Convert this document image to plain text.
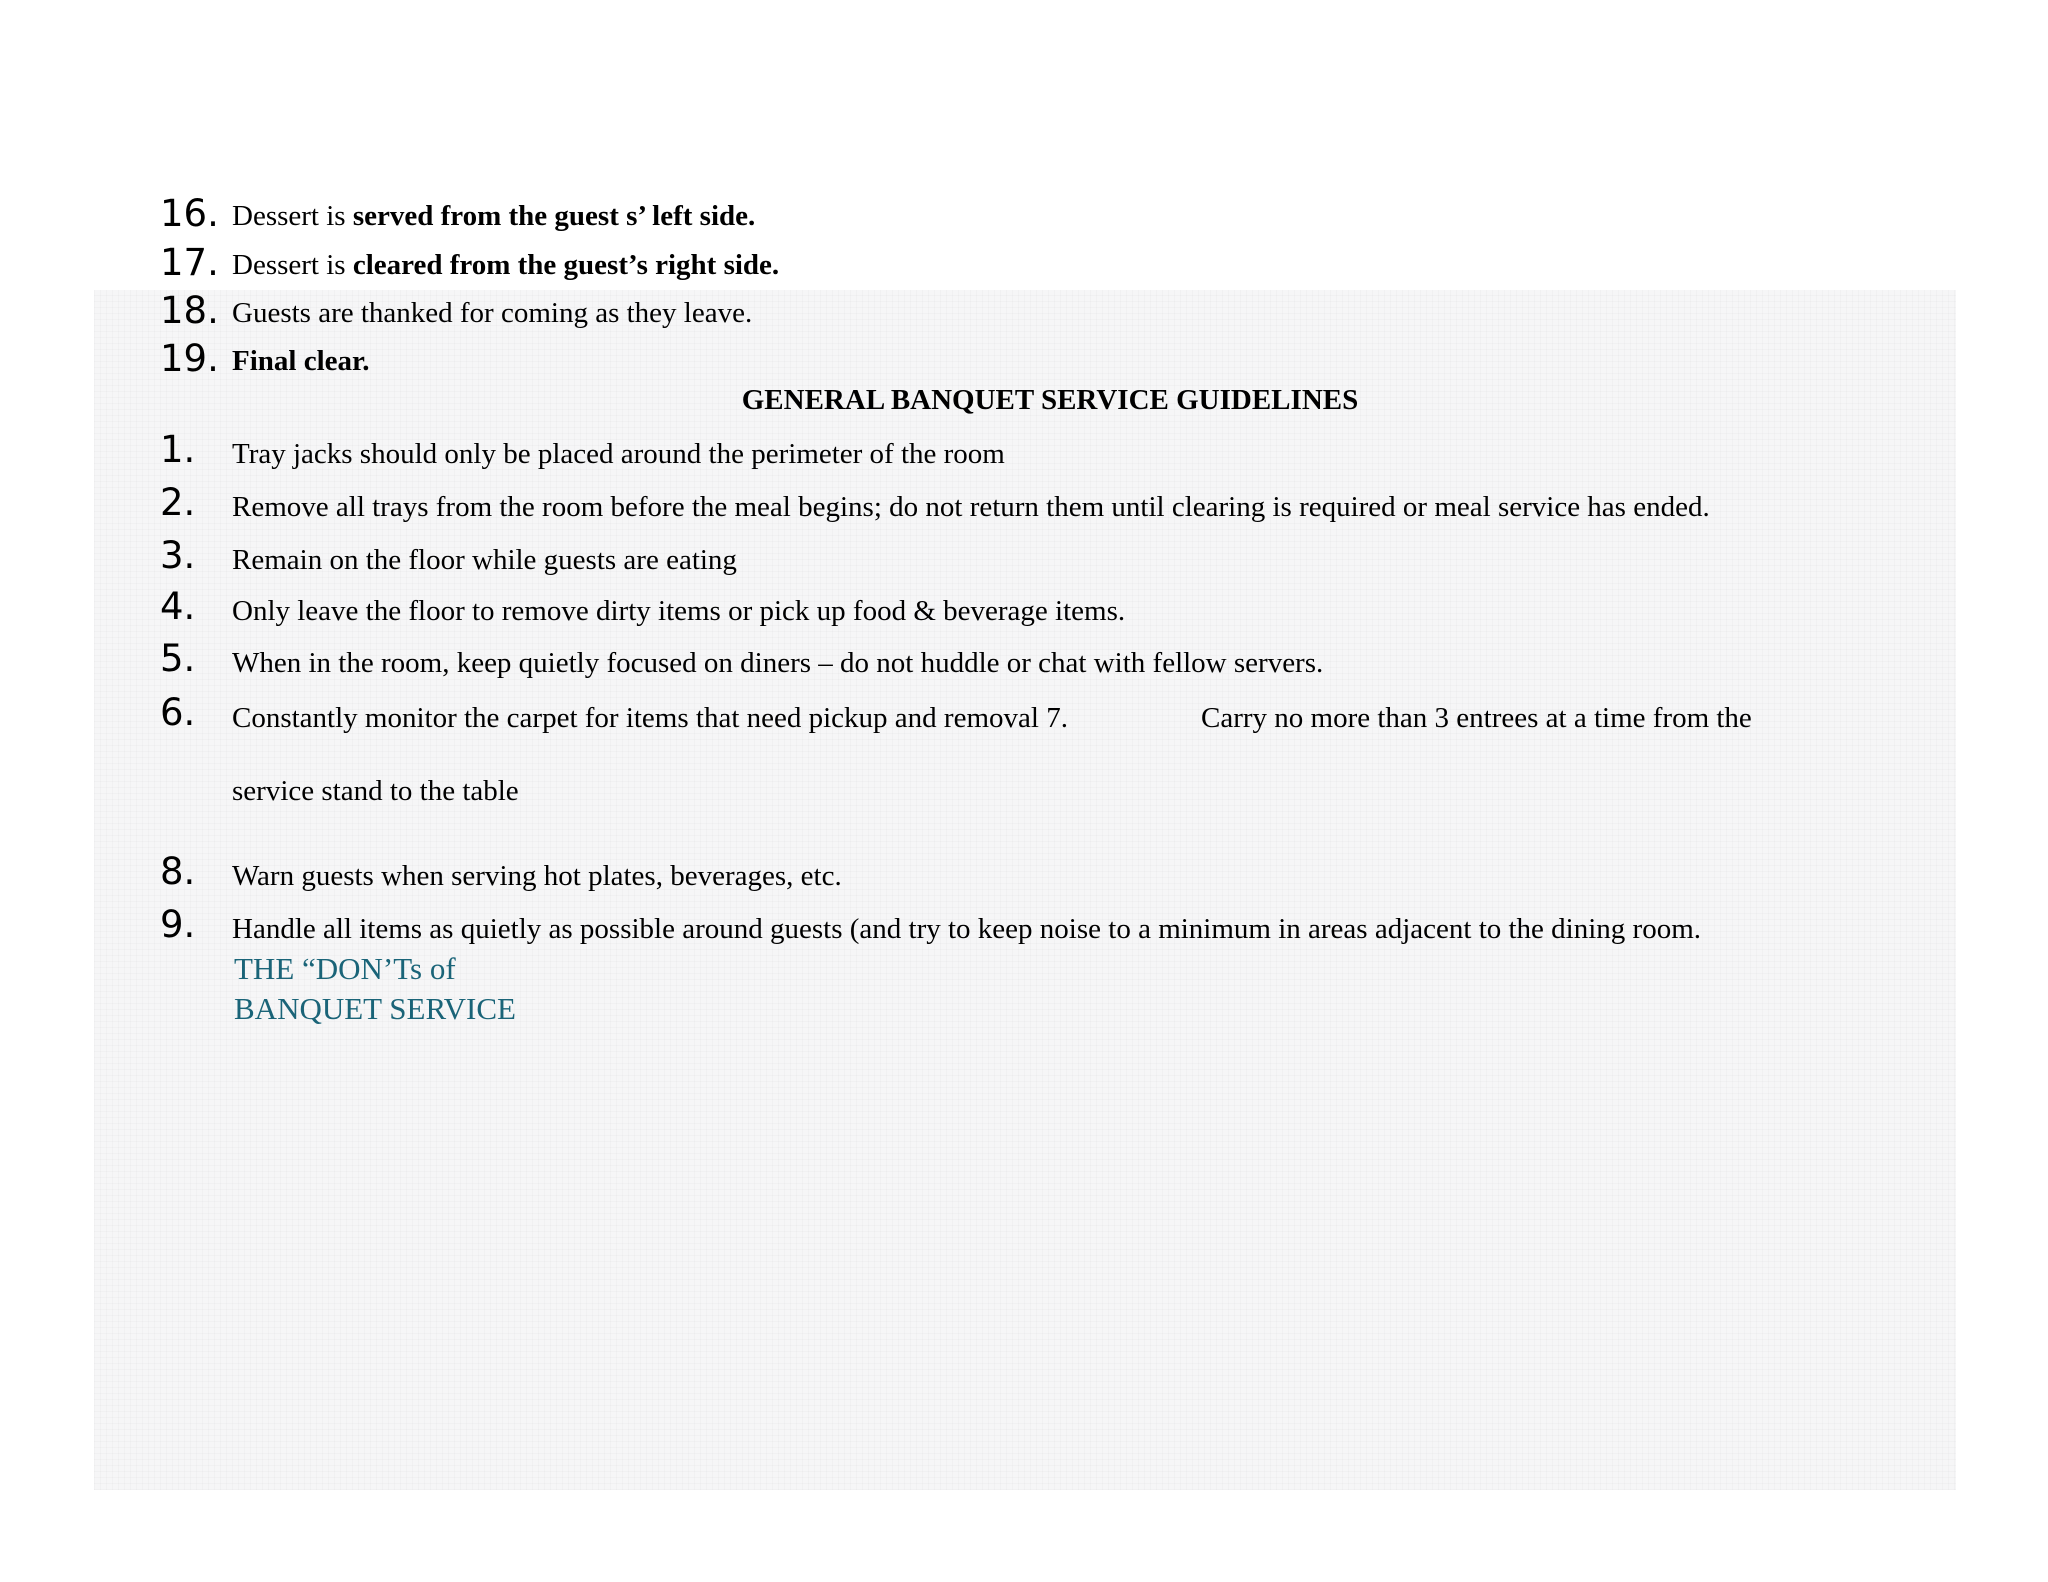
16. Dessert is served from the guest s’ left side.
17. Dessert is cleared from the guest’s right side.
18. Guests are thanked for coming as they leave.
19. Final clear.
GENERAL BANQUET SERVICE GUIDELINES
1. Tray jacks should only be placed around the perimeter of the room
2. Remove all trays from the room before the meal begins; do not return them until clearing is required or meal service has ended.
3. Remain on the floor while guests are eating
4. Only leave the floor to remove dirty items or pick up food & beverage items.
5. When in the room, keep quietly focused on diners – do not huddle or chat with fellow servers.
6. Constantly monitor the carpet for items that need pickup and removal 7.	Carry no more than 3 entrees at a time from the
service stand to the table
8. Warn guests when serving hot plates, beverages, etc.
9. Handle all items as quietly as possible around guests (and try to keep noise to a minimum in areas adjacent to the dining room.
THE “DON’Ts of
BANQUET SERVICE
